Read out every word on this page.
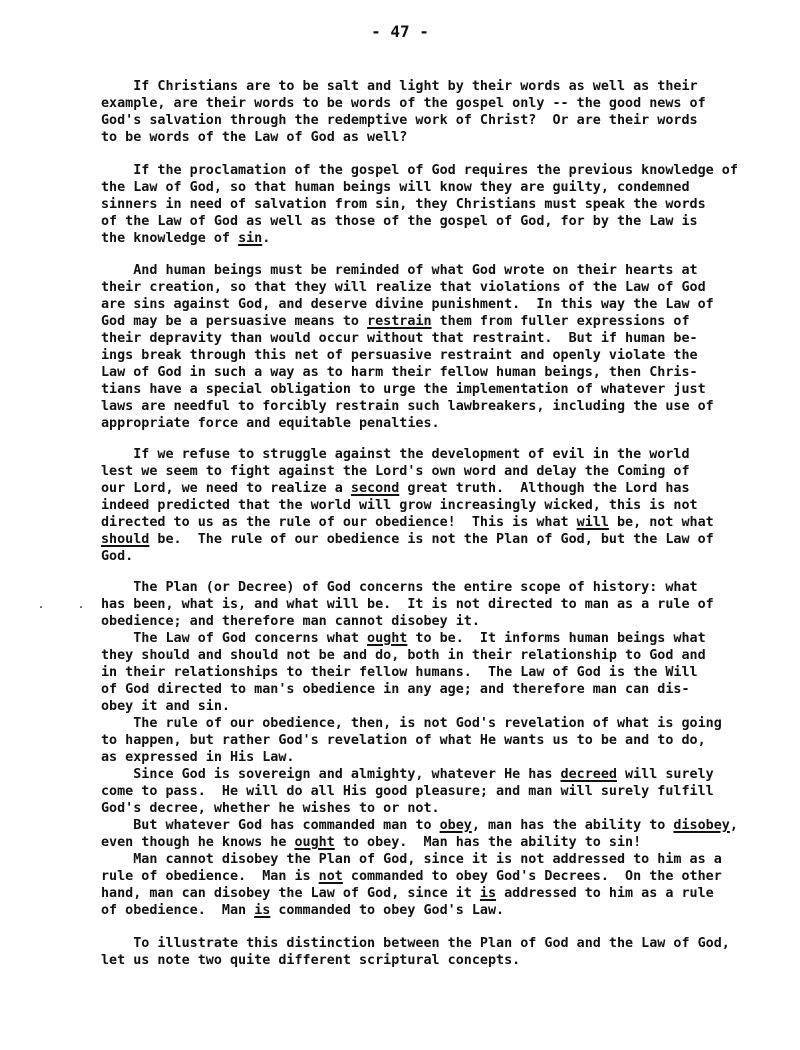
- 47 -
. .
If Christians are to be salt and light by their words as well as their
example, are their words to be words of the gospel only -- the good news of
God's salvation through the redemptive work of Christ?  Or are their words
to be words of the Law of God as well?
If the proclamation of the gospel of God requires the previous knowledge of
the Law of God, so that human beings will know they are guilty, condemned
sinners in need of salvation from sin, they Christians must speak the words
of the Law of God as well as those of the gospel of God, for by the Law is
the knowledge of sin.
And human beings must be reminded of what God wrote on their hearts at
their creation, so that they will realize that violations of the Law of God
are sins against God, and deserve divine punishment.  In this way the Law of
God may be a persuasive means to restrain them from fuller expressions of
their depravity than would occur without that restraint.  But if human be-
ings break through this net of persuasive restraint and openly violate the
Law of God in such a way as to harm their fellow human beings, then Chris-
tians have a special obligation to urge the implementation of whatever just
laws are needful to forcibly restrain such lawbreakers, including the use of
appropriate force and equitable penalties.
If we refuse to struggle against the development of evil in the world
lest we seem to fight against the Lord's own word and delay the Coming of
our Lord, we need to realize a second great truth.  Although the Lord has
indeed predicted that the world will grow increasingly wicked, this is not
directed to us as the rule of our obedience!  This is what will be, not what
should be.  The rule of our obedience is not the Plan of God, but the Law of
God.
The Plan (or Decree) of God concerns the entire scope of history: what
has been, what is, and what will be.  It is not directed to man as a rule of
obedience; and therefore man cannot disobey it.
The Law of God concerns what ought to be.  It informs human beings what
they should and should not be and do, both in their relationship to God and
in their relationships to their fellow humans.  The Law of God is the Will
of God directed to man's obedience in any age; and therefore man can dis-
obey it and sin.
The rule of our obedience, then, is not God's revelation of what is going
to happen, but rather God's revelation of what He wants us to be and to do,
as expressed in His Law.
Since God is sovereign and almighty, whatever He has decreed will surely
come to pass.  He will do all His good pleasure; and man will surely fulfill
God's decree, whether he wishes to or not.
But whatever God has commanded man to obey, man has the ability to disobey,
even though he knows he ought to obey.  Man has the ability to sin!
Man cannot disobey the Plan of God, since it is not addressed to him as a
rule of obedience.  Man is not commanded to obey God's Decrees.  On the other
hand, man can disobey the Law of God, since it is addressed to him as a rule
of obedience.  Man is commanded to obey God's Law.
To illustrate this distinction between the Plan of God and the Law of God,
let us note two quite different scriptural concepts.
